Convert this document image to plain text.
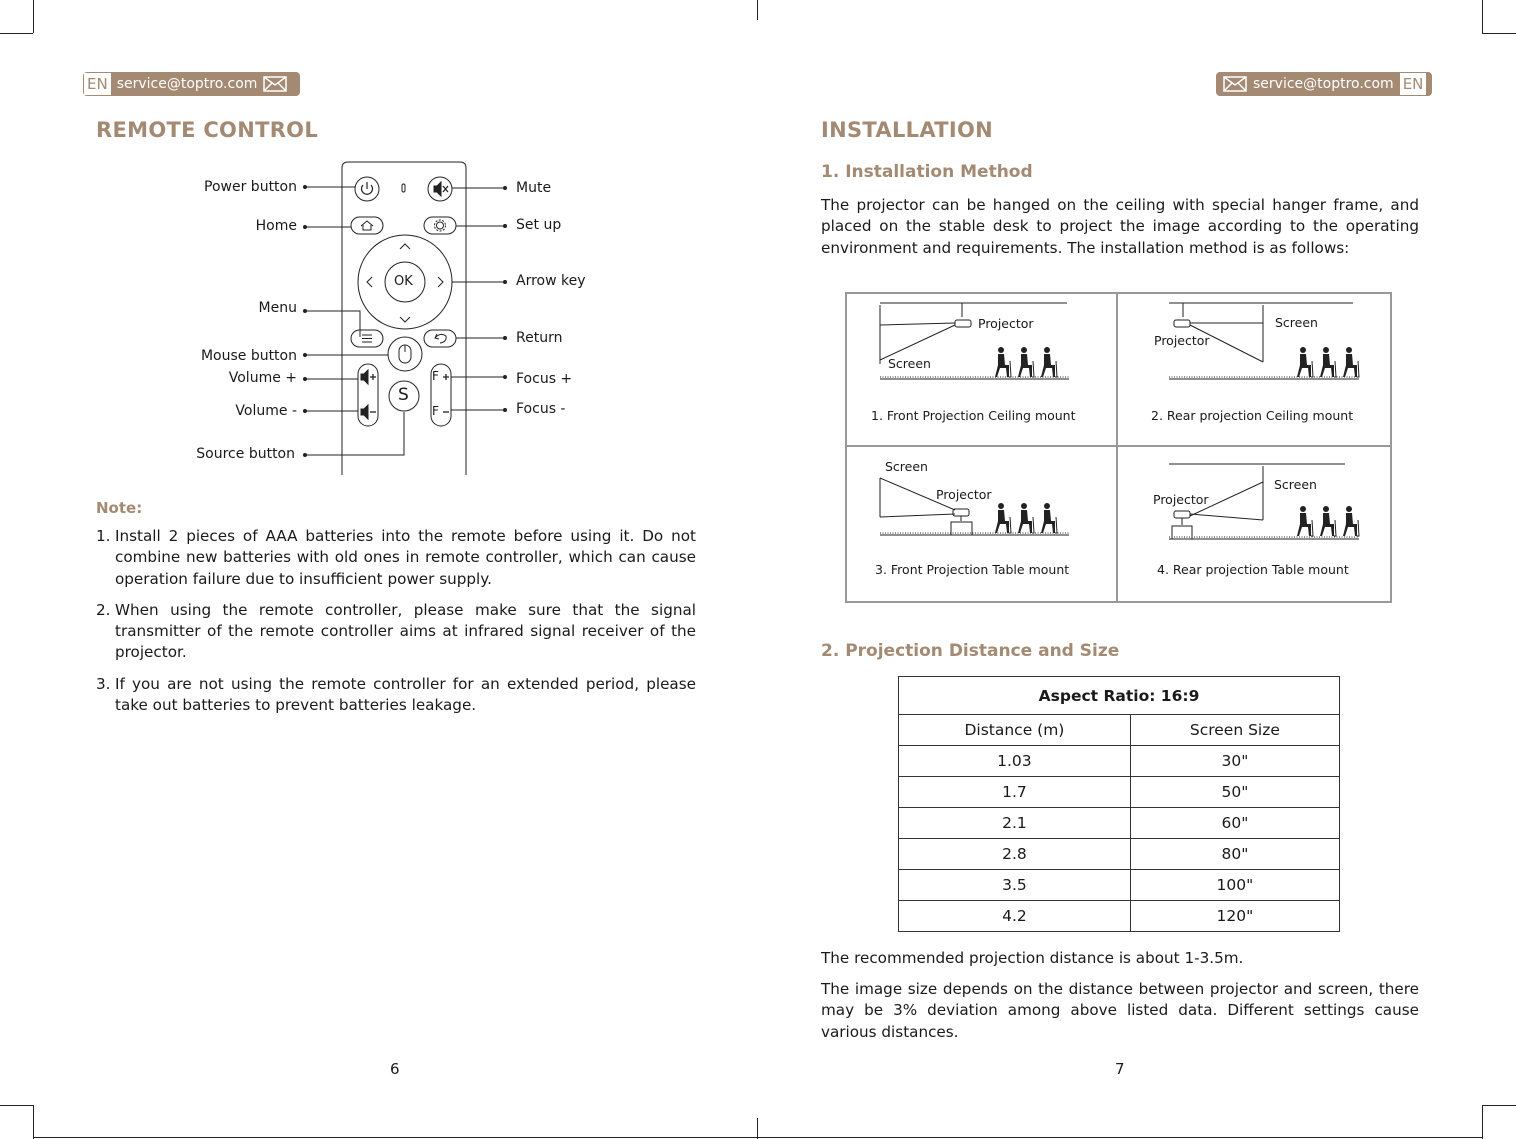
EN service@toptro.com
REMOTE CONTROL
OK
S
F
F
Power button
Home
Menu
Mouse button
Volume +
Volume -
Source button
Mute
Set up
Arrow key
Return
Focus +
Focus -
Note:
1. Install 2 pieces of AAA batteries into the remote before using it. Do not combine new batteries with old ones in remote controller, which can cause operation failure due to insufficient power supply.
2. When using the remote controller, please make sure that the signal transmitter of the remote controller aims at infrared signal receiver of the projector.
3. If you are not using the remote controller for an extended period, please take out batteries to prevent batteries leakage.
6
service@toptro.com EN
INSTALLATION
1. Installation Method
The projector can be hanged on the ceiling with special hanger frame, and placed on the stable desk to project the image according to the operating environment and requirements. The installation method is as follows:
Projector
Screen
1. Front Projection Ceiling mount
Screen
Projector
2. Rear projection Ceiling mount
Screen
Projector
3. Front Projection Table mount
Screen
Projector
4. Rear projection Table mount
2. Projection Distance and Size
Aspect Ratio: 16:9	
Distance (m)	Screen Size
1.03	30"
1.7	50"
2.1	60"
2.8	80"
3.5	100"
4.2	120"
The recommended projection distance is about 1-3.5m.
The image size depends on the distance between projector and screen, there may be 3% deviation among above listed data. Different settings cause various distances.
7
